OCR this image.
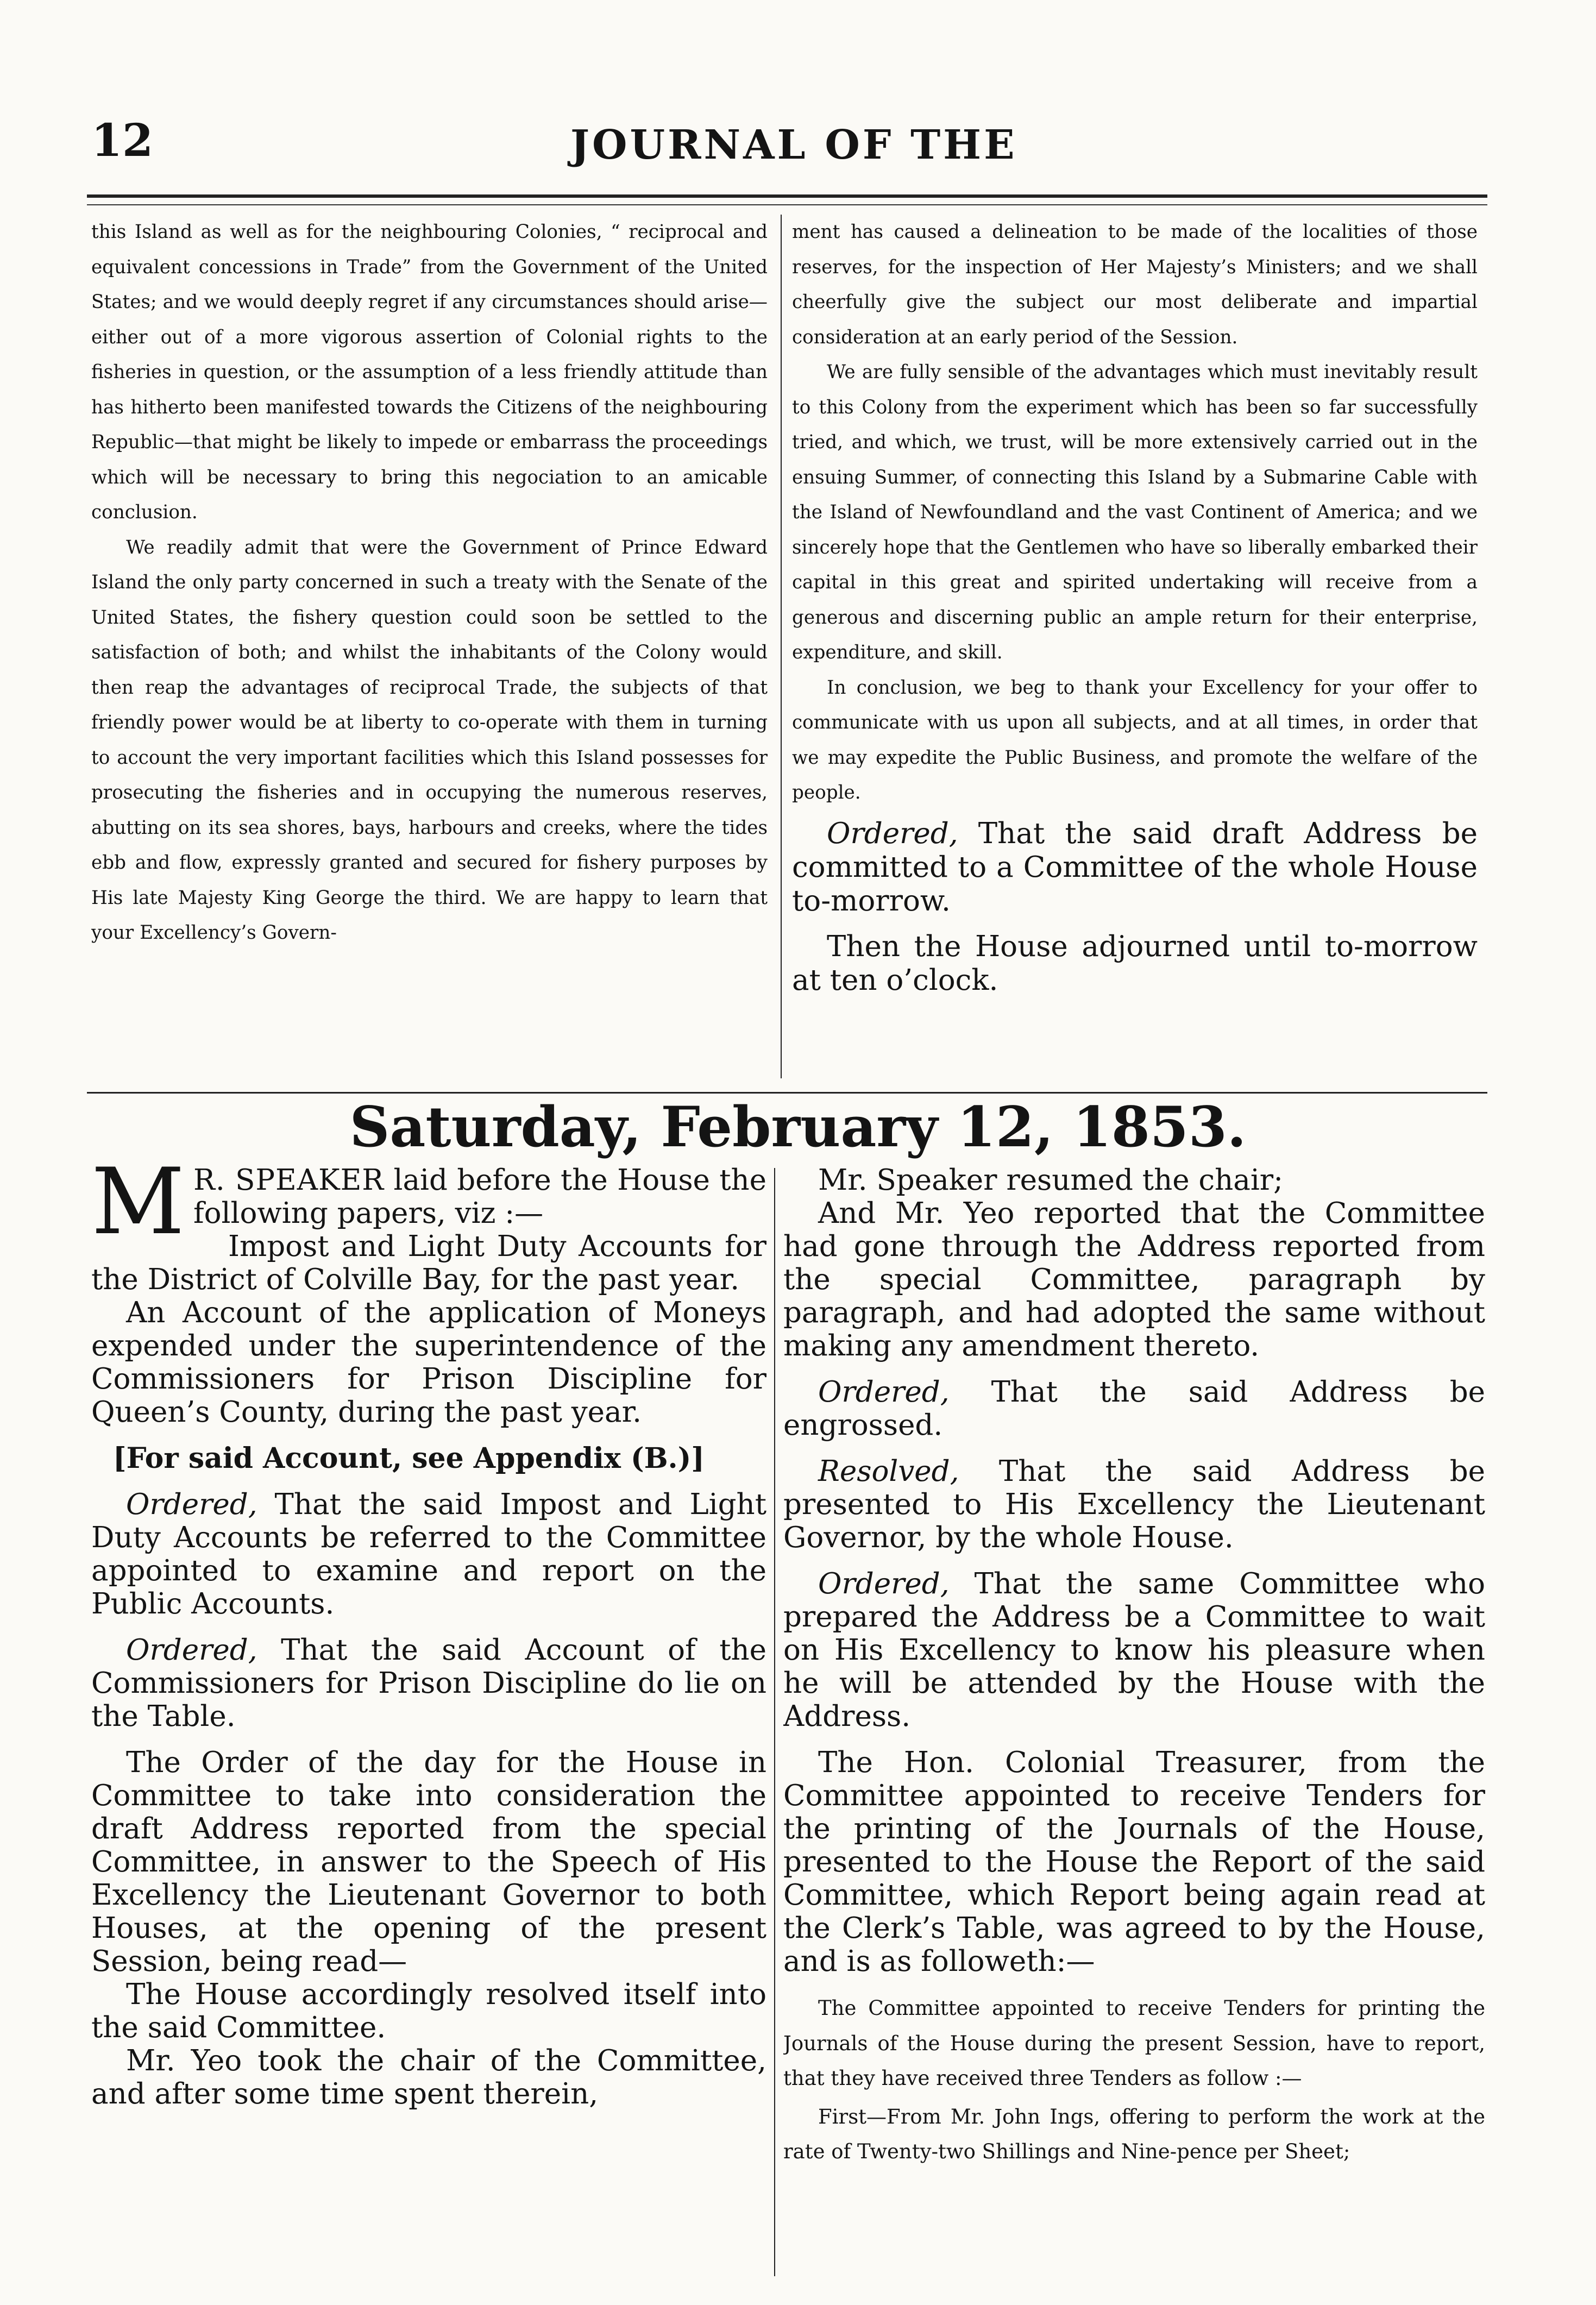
12	JOURNAL OF THE

this Island as well as for the neighbouring Colonies, “ reciprocal and equivalent concessions in Trade” from the Government of the United States; and we would deeply regret if any circumstances should arise—either out of a more vigorous assertion of Colonial rights to the fisheries in question, or the assumption of a less friendly attitude than has hitherto been manifested towards the Citizens of the neighbouring Republic—that might be likely to impede or embarrass the proceedings which will be necessary to bring this negociation to an amicable conclusion.

We readily admit that were the Government of Prince Edward Island the only party concerned in such a treaty with the Senate of the United States, the fishery question could soon be settled to the satisfaction of both; and whilst the inhabitants of the Colony would then reap the advantages of reciprocal Trade, the subjects of that friendly power would be at liberty to co-operate with them in turning to account the very important facilities which this Island possesses for prosecuting the fisheries and in occupying the numerous reserves, abutting on its sea shores, bays, harbours and creeks, where the tides ebb and flow, expressly granted and secured for fishery purposes by His late Majesty King George the third. We are happy to learn that your Excellency’s Govern-

ment has caused a delineation to be made of the localities of those reserves, for the inspection of Her Majesty’s Ministers; and we shall cheerfully give the subject our most deliberate and impartial consideration at an early period of the Session.

We are fully sensible of the advantages which must inevitably result to this Colony from the experiment which has been so far successfully tried, and which, we trust, will be more extensively carried out in the ensuing Summer, of connecting this Island by a Submarine Cable with the Island of Newfoundland and the vast Continent of America; and we sincerely hope that the Gentlemen who have so liberally embarked their capital in this great and spirited undertaking will receive from a generous and discerning public an ample return for their enterprise, expenditure, and skill.

In conclusion, we beg to thank your Excellency for your offer to communicate with us upon all subjects, and at all times, in order that we may expedite the Public Business, and promote the welfare of the people.

Ordered, That the said draft Address be committed to a Committee of the whole House to-morrow.

Then the House adjourned until to-morrow at ten o’clock.

Saturday, February 12, 1853.

M R. SPEAKER laid before the House the following papers, viz :—

Impost and Light Duty Accounts for the District of Colville Bay, for the past year.

An Account of the application of Moneys expended under the superintendence of the Commissioners for Prison Discipline for Queen’s County, during the past year.

[For said Account, see Appendix (B.)]

Ordered, That the said Impost and Light Duty Accounts be referred to the Committee appointed to examine and report on the Public Accounts.

Ordered, That the said Account of the Commissioners for Prison Discipline do lie on the Table.

The Order of the day for the House in Committee to take into consideration the draft Address reported from the special Committee, in answer to the Speech of His Excellency the Lieutenant Governor to both Houses, at the opening of the present Session, being read—

The House accordingly resolved itself into the said Committee.

Mr. Yeo took the chair of the Committee, and after some time spent therein,

Mr. Speaker resumed the chair;

And Mr. Yeo reported that the Committee had gone through the Address reported from the special Committee, paragraph by paragraph, and had adopted the same without making any amendment thereto.

Ordered, That the said Address be engrossed.

Resolved, That the said Address be presented to His Excellency the Lieutenant Governor, by the whole House.

Ordered, That the same Committee who prepared the Address be a Committee to wait on His Excellency to know his pleasure when he will be attended by the House with the Address.

The Hon. Colonial Treasurer, from the Committee appointed to receive Tenders for the printing of the Journals of the House, presented to the House the Report of the said Committee, which Report being again read at the Clerk’s Table, was agreed to by the House, and is as followeth:—

The Committee appointed to receive Tenders for printing the Journals of the House during the present Session, have to report, that they have received three Tenders as follow :—

First—From Mr. John Ings, offering to perform the work at the rate of Twenty-two Shillings and Nine-pence per Sheet;
